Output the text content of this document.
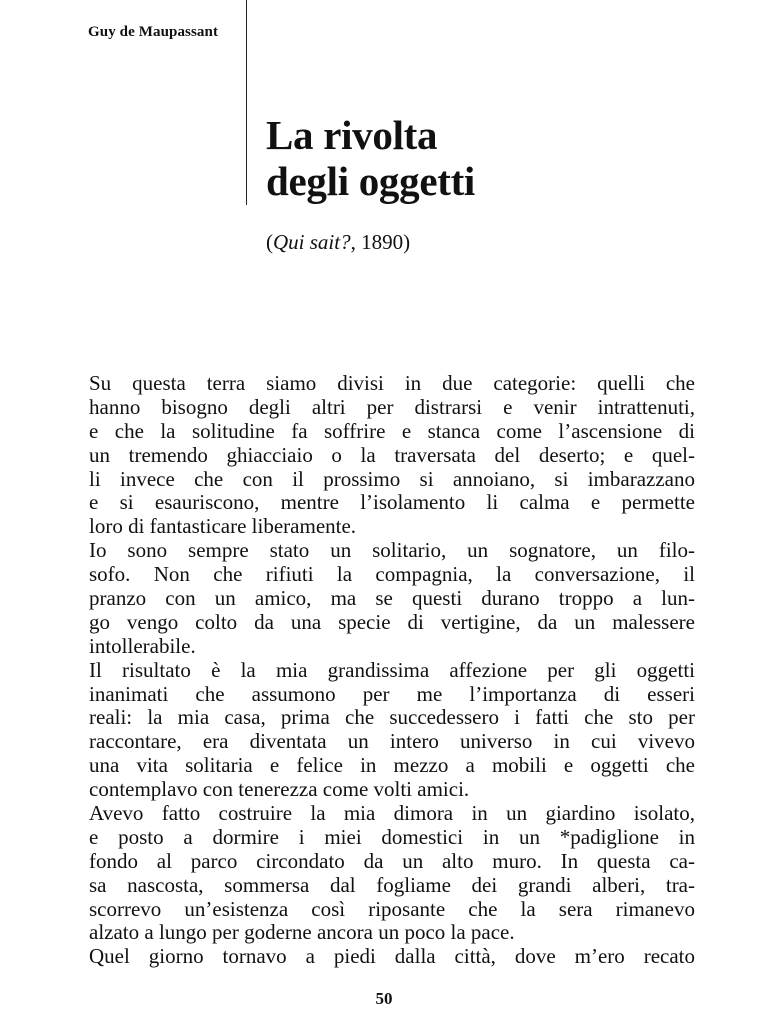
Guy de Maupassant
La rivolta
degli oggetti
(Qui sait?, 1890)
Su questa terra siamo divisi in due categorie: quelli che
hanno bisogno degli altri per distrarsi e venir intrattenuti,
e che la solitudine fa soffrire e stanca come l’ascensione di
un tremendo ghiacciaio o la traversata del deserto; e quel-
li invece che con il prossimo si annoiano, si imbarazzano
e si esauriscono, mentre l’isolamento li calma e permette
loro di fantasticare liberamente.
Io sono sempre stato un solitario, un sognatore, un filo-
sofo. Non che rifiuti la compagnia, la conversazione, il
pranzo con un amico, ma se questi durano troppo a lun-
go vengo colto da una specie di vertigine, da un malessere
intollerabile.
Il risultato è la mia grandissima affezione per gli oggetti
inanimati che assumono per me l’importanza di esseri
reali: la mia casa, prima che succedessero i fatti che sto per
raccontare, era diventata un intero universo in cui vivevo
una vita solitaria e felice in mezzo a mobili e oggetti che
contemplavo con tenerezza come volti amici.
Avevo fatto costruire la mia dimora in un giardino isolato,
e posto a dormire i miei domestici in un *padiglione in
fondo al parco circondato da un alto muro. In questa ca-
sa nascosta, sommersa dal fogliame dei grandi alberi, tra-
scorrevo un’esistenza così riposante che la sera rimanevo
alzato a lungo per goderne ancora un poco la pace.
Quel giorno tornavo a piedi dalla città, dove m’ero recato
50
